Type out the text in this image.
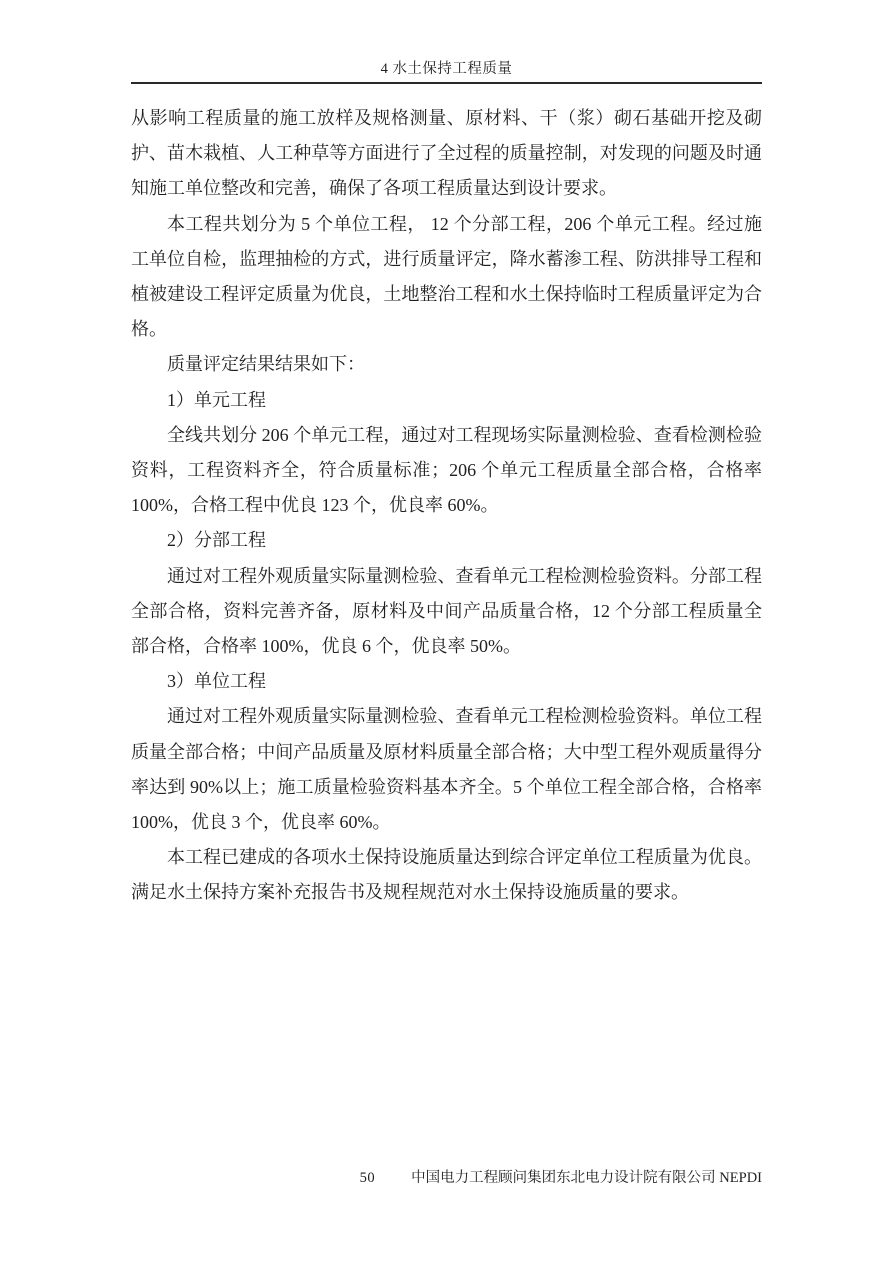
4 水土保持工程质量

从影响工程质量的施工放样及规格测量、原材料、干（浆）砌石基础开挖及砌护、苗木栽植、人工种草等方面进行了全过程的质量控制，对发现的问题及时通知施工单位整改和完善，确保了各项工程质量达到设计要求。

本工程共划分为 5 个单位工程， 12 个分部工程，206 个单元工程。经过施工单位自检，监理抽检的方式，进行质量评定，降水蓄渗工程、防洪排导工程和植被建设工程评定质量为优良，土地整治工程和水土保持临时工程质量评定为合格。

质量评定结果结果如下：

1）单元工程

全线共划分 206 个单元工程，通过对工程现场实际量测检验、查看检测检验资料，工程资料齐全，符合质量标准；206 个单元工程质量全部合格，合格率 100%，合格工程中优良 123 个，优良率 60%。

2）分部工程

通过对工程外观质量实际量测检验、查看单元工程检测检验资料。分部工程全部合格，资料完善齐备，原材料及中间产品质量合格，12 个分部工程质量全部合格，合格率 100%，优良 6 个，优良率 50%。

3）单位工程

通过对工程外观质量实际量测检验、查看单元工程检测检验资料。单位工程质量全部合格；中间产品质量及原材料质量全部合格；大中型工程外观质量得分率达到 90%以上；施工质量检验资料基本齐全。5 个单位工程全部合格，合格率 100%，优良 3 个，优良率 60%。

本工程已建成的各项水土保持设施质量达到综合评定单位工程质量为优良。满足水土保持方案补充报告书及规程规范对水土保持设施质量的要求。

50 中国电力工程顾问集团东北电力设计院有限公司 NEPDI
